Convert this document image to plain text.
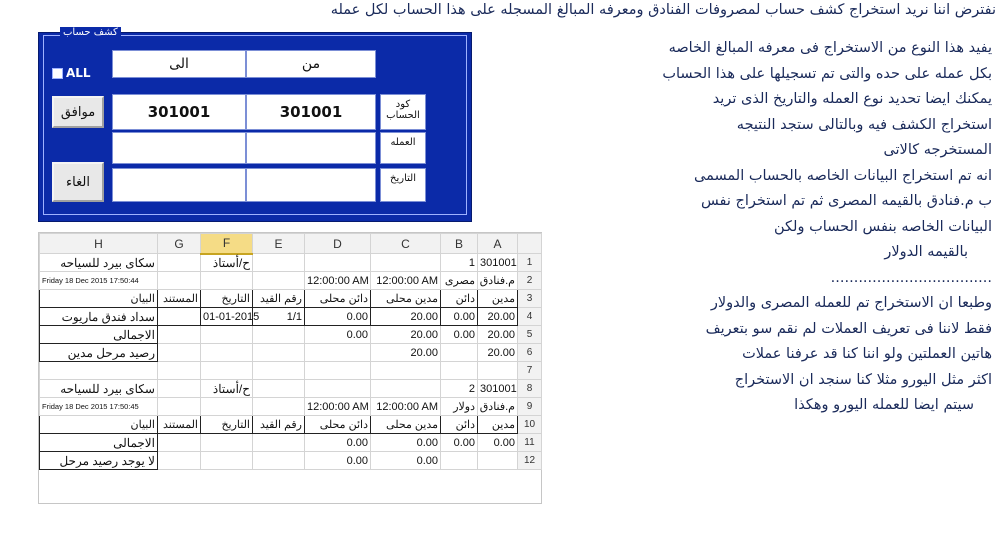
نفترض اننا نريد استخراج كشف حساب لمصروفات الفنادق ومعرفه المبالغ المسجله على هذا الحساب لكل عمله
يفيد هذا النوع من الاستخراج فى معرفه المبالغ الخاصه
بكل عمله على حده والتى تم تسجيلها على هذا الحساب
يمكنك ايضا تحديد نوع العمله والتاريخ الذى تريد
استخراج الكشف فيه وبالتالى ستجد النتيجه
المستخرجه كالاتى
انه تم استخراج البيانات الخاصه بالحساب المسمى
ب م.فنادق بالقيمه المصرى ثم تم استخراج نفس
البيانات الخاصه بنفس الحساب ولكن
بالقيمه الدولار
...................................
وطبعا ان الاستخراج تم للعمله المصرى والدولار
فقط لاننا فى تعريف العملات لم نقم سو بتعريف
هاتين العملتين ولو اننا كنا قد عرفنا عملات
اكثر مثل اليورو مثلا كنا سنجد ان الاستخراج
سيتم ايضا للعمله اليورو وهكذا
كشف حساب
ALL
الى	من
موافق	301001	301001	كود الحساب
العمله
الغاء	التاريخ
H	G	F	E	D	C	B	A	
سكاى بيرد للسياحه		ح/أستاذ				1	301001	1
Friday 18 Dec 2015 17:50:44				12:00:00 AM	12:00:00 AM	مصرى	م.فنادق	2
البيان	المستند	التاريخ	رقم القيد	دائن محلى	مدين محلى	دائن	مدين	3
سداد فندق ماريوت		01-01-2015	1/1	0.00	20.00	0.00	20.00	4
الاجمالى				0.00	20.00	0.00	20.00	5
رصيد مرحل مدين					20.00		20.00	6
								7
سكاى بيرد للسياحه		ح/أستاذ				2	301001	8
Friday 18 Dec 2015 17:50:45				12:00:00 AM	12:00:00 AM	دولار	م.فنادق	9
البيان	المستند	التاريخ	رقم القيد	دائن محلى	مدين محلى	دائن	مدين	10
الاجمالى				0.00	0.00	0.00	0.00	11
لا يوجد رصيد مرحل				0.00	0.00			12
